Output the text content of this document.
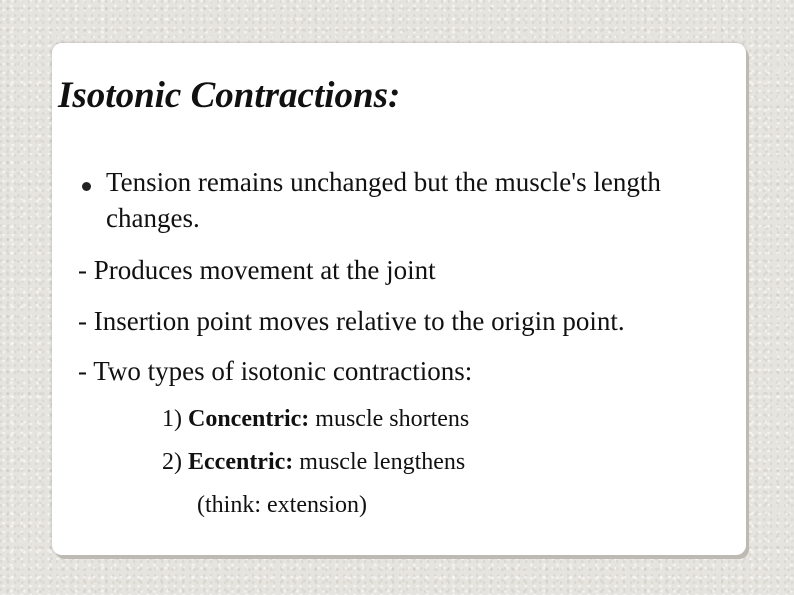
Isotonic Contractions:
Tension remains unchanged but the muscle's length changes.
- Produces movement at the joint
- Insertion point moves relative to the origin point.
- Two types of isotonic contractions:
1) Concentric: muscle shortens
2) Eccentric: muscle lengthens
(think: extension)
